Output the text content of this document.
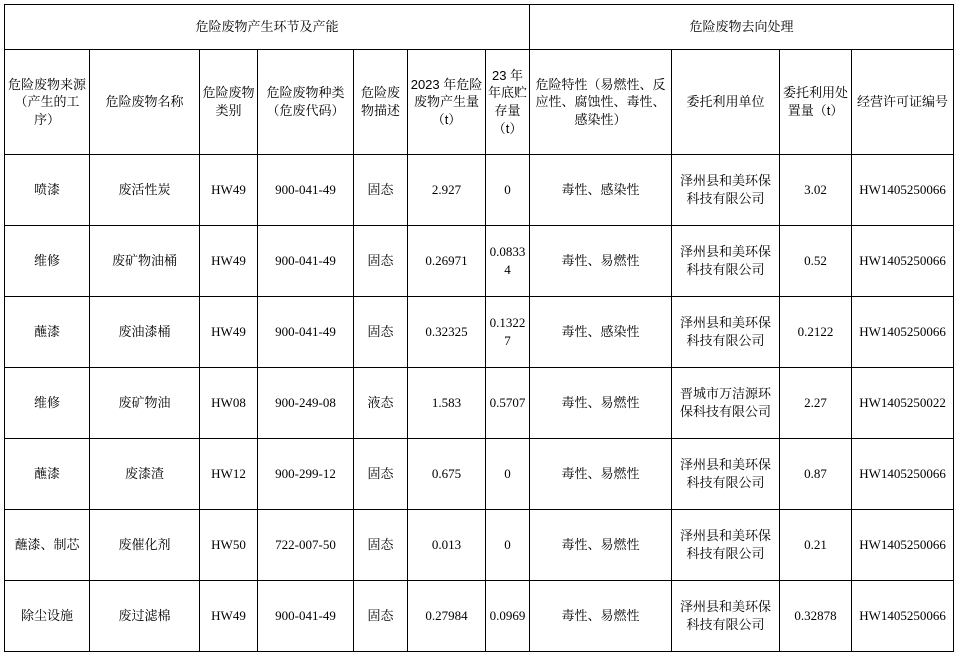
危险废物产生环节及产能							危险废物去向处理			
危险废物来源（产生的工序）	危险废物名称	危险废物类别	危险废物种类（危废代码）	危险废物描述	2023 年危险废物产生量（t）	23 年年底贮存量（t）	危险特性（易燃性、反应性、腐蚀性、毒性、感染性）	委托利用单位	委托利用处置量（t）	经营许可证编号
喷漆	废活性炭	HW49	900-041-49	固态	2.927	0	毒性、感染性	泽州县和美环保科技有限公司	3.02	HW1405250066
维修	废矿物油桶	HW49	900-041-49	固态	0.26971	0.08334	毒性、易燃性	泽州县和美环保科技有限公司	0.52	HW1405250066
蘸漆	废油漆桶	HW49	900-041-49	固态	0.32325	0.13227	毒性、感染性	泽州县和美环保科技有限公司	0.2122	HW1405250066
维修	废矿物油	HW08	900-249-08	液态	1.583	0.5707	毒性、易燃性	晋城市万洁源环保科技有限公司	2.27	HW1405250022
蘸漆	废漆渣	HW12	900-299-12	固态	0.675	0	毒性、易燃性	泽州县和美环保科技有限公司	0.87	HW1405250066
蘸漆、制芯	废催化剂	HW50	722-007-50	固态	0.013	0	毒性、易燃性	泽州县和美环保科技有限公司	0.21	HW1405250066
除尘设施	废过滤棉	HW49	900-041-49	固态	0.27984	0.0969	毒性、易燃性	泽州县和美环保科技有限公司	0.32878	HW1405250066
